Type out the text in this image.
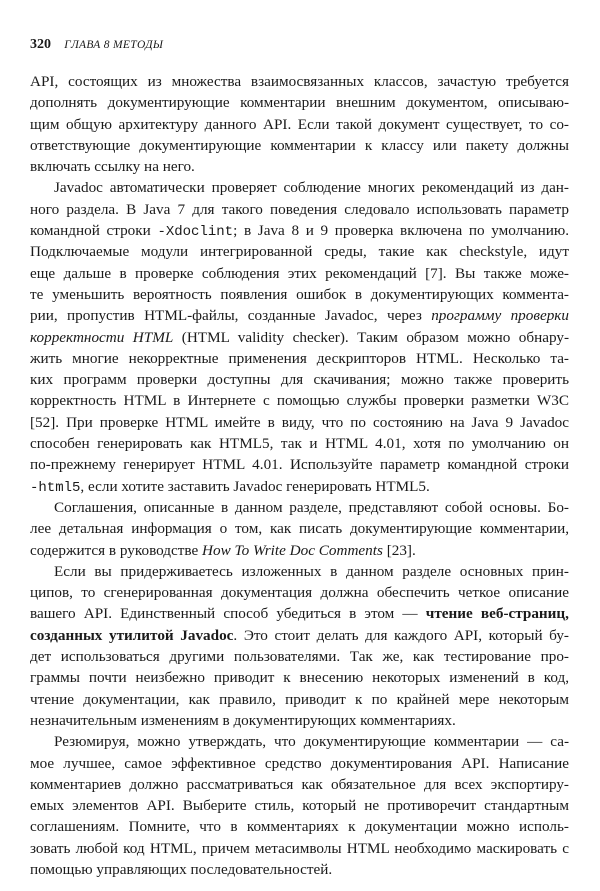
320 ГЛАВА 8 МЕТОДЫ
API, состоящих из множества взаимосвязанных классов, зачастую требуется
дополнять документирующие комментарии внешним документом, описываю-
щим общую архитектуру данного API. Если такой документ существует, то со-
ответствующие документирующие комментарии к классу или пакету должны
включать ссылку на него.
Javadoc автоматически проверяет соблюдение многих рекомендаций из дан-
ного раздела. В Java 7 для такого поведения следовало использовать параметр
командной строки -Xdoclint; в Java 8 и 9 проверка включена по умолчанию.
Подключаемые модули интегрированной среды, такие как checkstyle, идут
еще дальше в проверке соблюдения этих рекомендаций [7]. Вы также може-
те уменьшить вероятность появления ошибок в документирующих коммента-
рии, пропустив HTML-файлы, созданные Javadoc, через программу проверки
корректности HTML (HTML validity checker). Таким образом можно обнару-
жить многие некорректные применения дескрипторов HTML. Несколько та-
ких программ проверки доступны для скачивания; можно также проверить
корректность HTML в Интернете с помощью службы проверки разметки W3C
[52]. При проверке HTML имейте в виду, что по состоянию на Java 9 Javadoc
способен генерировать как HTML5, так и HTML 4.01, хотя по умолчанию он
по-прежнему генерирует HTML 4.01. Используйте параметр командной строки
-html5, если хотите заставить Javadoc генерировать HTML5.
Соглашения, описанные в данном разделе, представляют собой основы. Бо-
лее детальная информация о том, как писать документирующие комментарии,
содержится в руководстве How To Write Doc Comments [23].
Если вы придерживаетесь изложенных в данном разделе основных прин-
ципов, то сгенерированная документация должна обеспечить четкое описание
вашего API. Единственный способ убедиться в этом — чтение веб-страниц,
созданных утилитой Javadoc. Это стоит делать для каждого API, который бу-
дет использоваться другими пользователями. Так же, как тестирование про-
граммы почти неизбежно приводит к внесению некоторых изменений в код,
чтение документации, как правило, приводит к по крайней мере некоторым
незначительным изменениям в документирующих комментариях.
Резюмируя, можно утверждать, что документирующие комментарии — са-
мое лучшее, самое эффективное средство документирования API. Написание
комментариев должно рассматриваться как обязательное для всех экспортиру-
емых элементов API. Выберите стиль, который не противоречит стандартным
соглашениям. Помните, что в комментариях к документации можно исполь-
зовать любой код HTML, причем метасимволы HTML необходимо маскировать с
помощью управляющих последовательностей.
